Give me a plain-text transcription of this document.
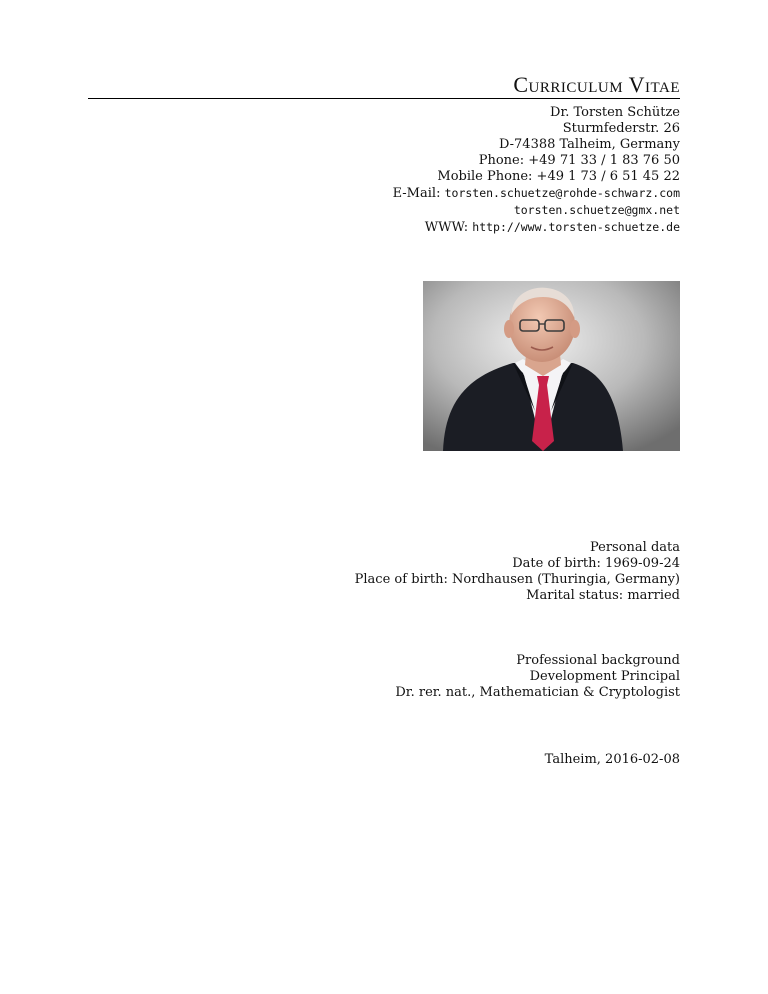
Curriculum Vitae
Dr. Torsten Schütze
Sturmfederstr. 26
D-74388 Talheim, Germany
Phone: +49 71 33 / 1 83 76 50
Mobile Phone: +49 1 73 / 6 51 45 22
E-Mail: torsten.schuetze@rohde-schwarz.com
torsten.schuetze@gmx.net
WWW: http://www.torsten-schuetze.de
Personal data
Date of birth: 1969-09-24
Place of birth: Nordhausen (Thuringia, Germany)
Marital status: married
Professional background
Development Principal
Dr. rer. nat., Mathematician & Cryptologist
Talheim, 2016-02-08
